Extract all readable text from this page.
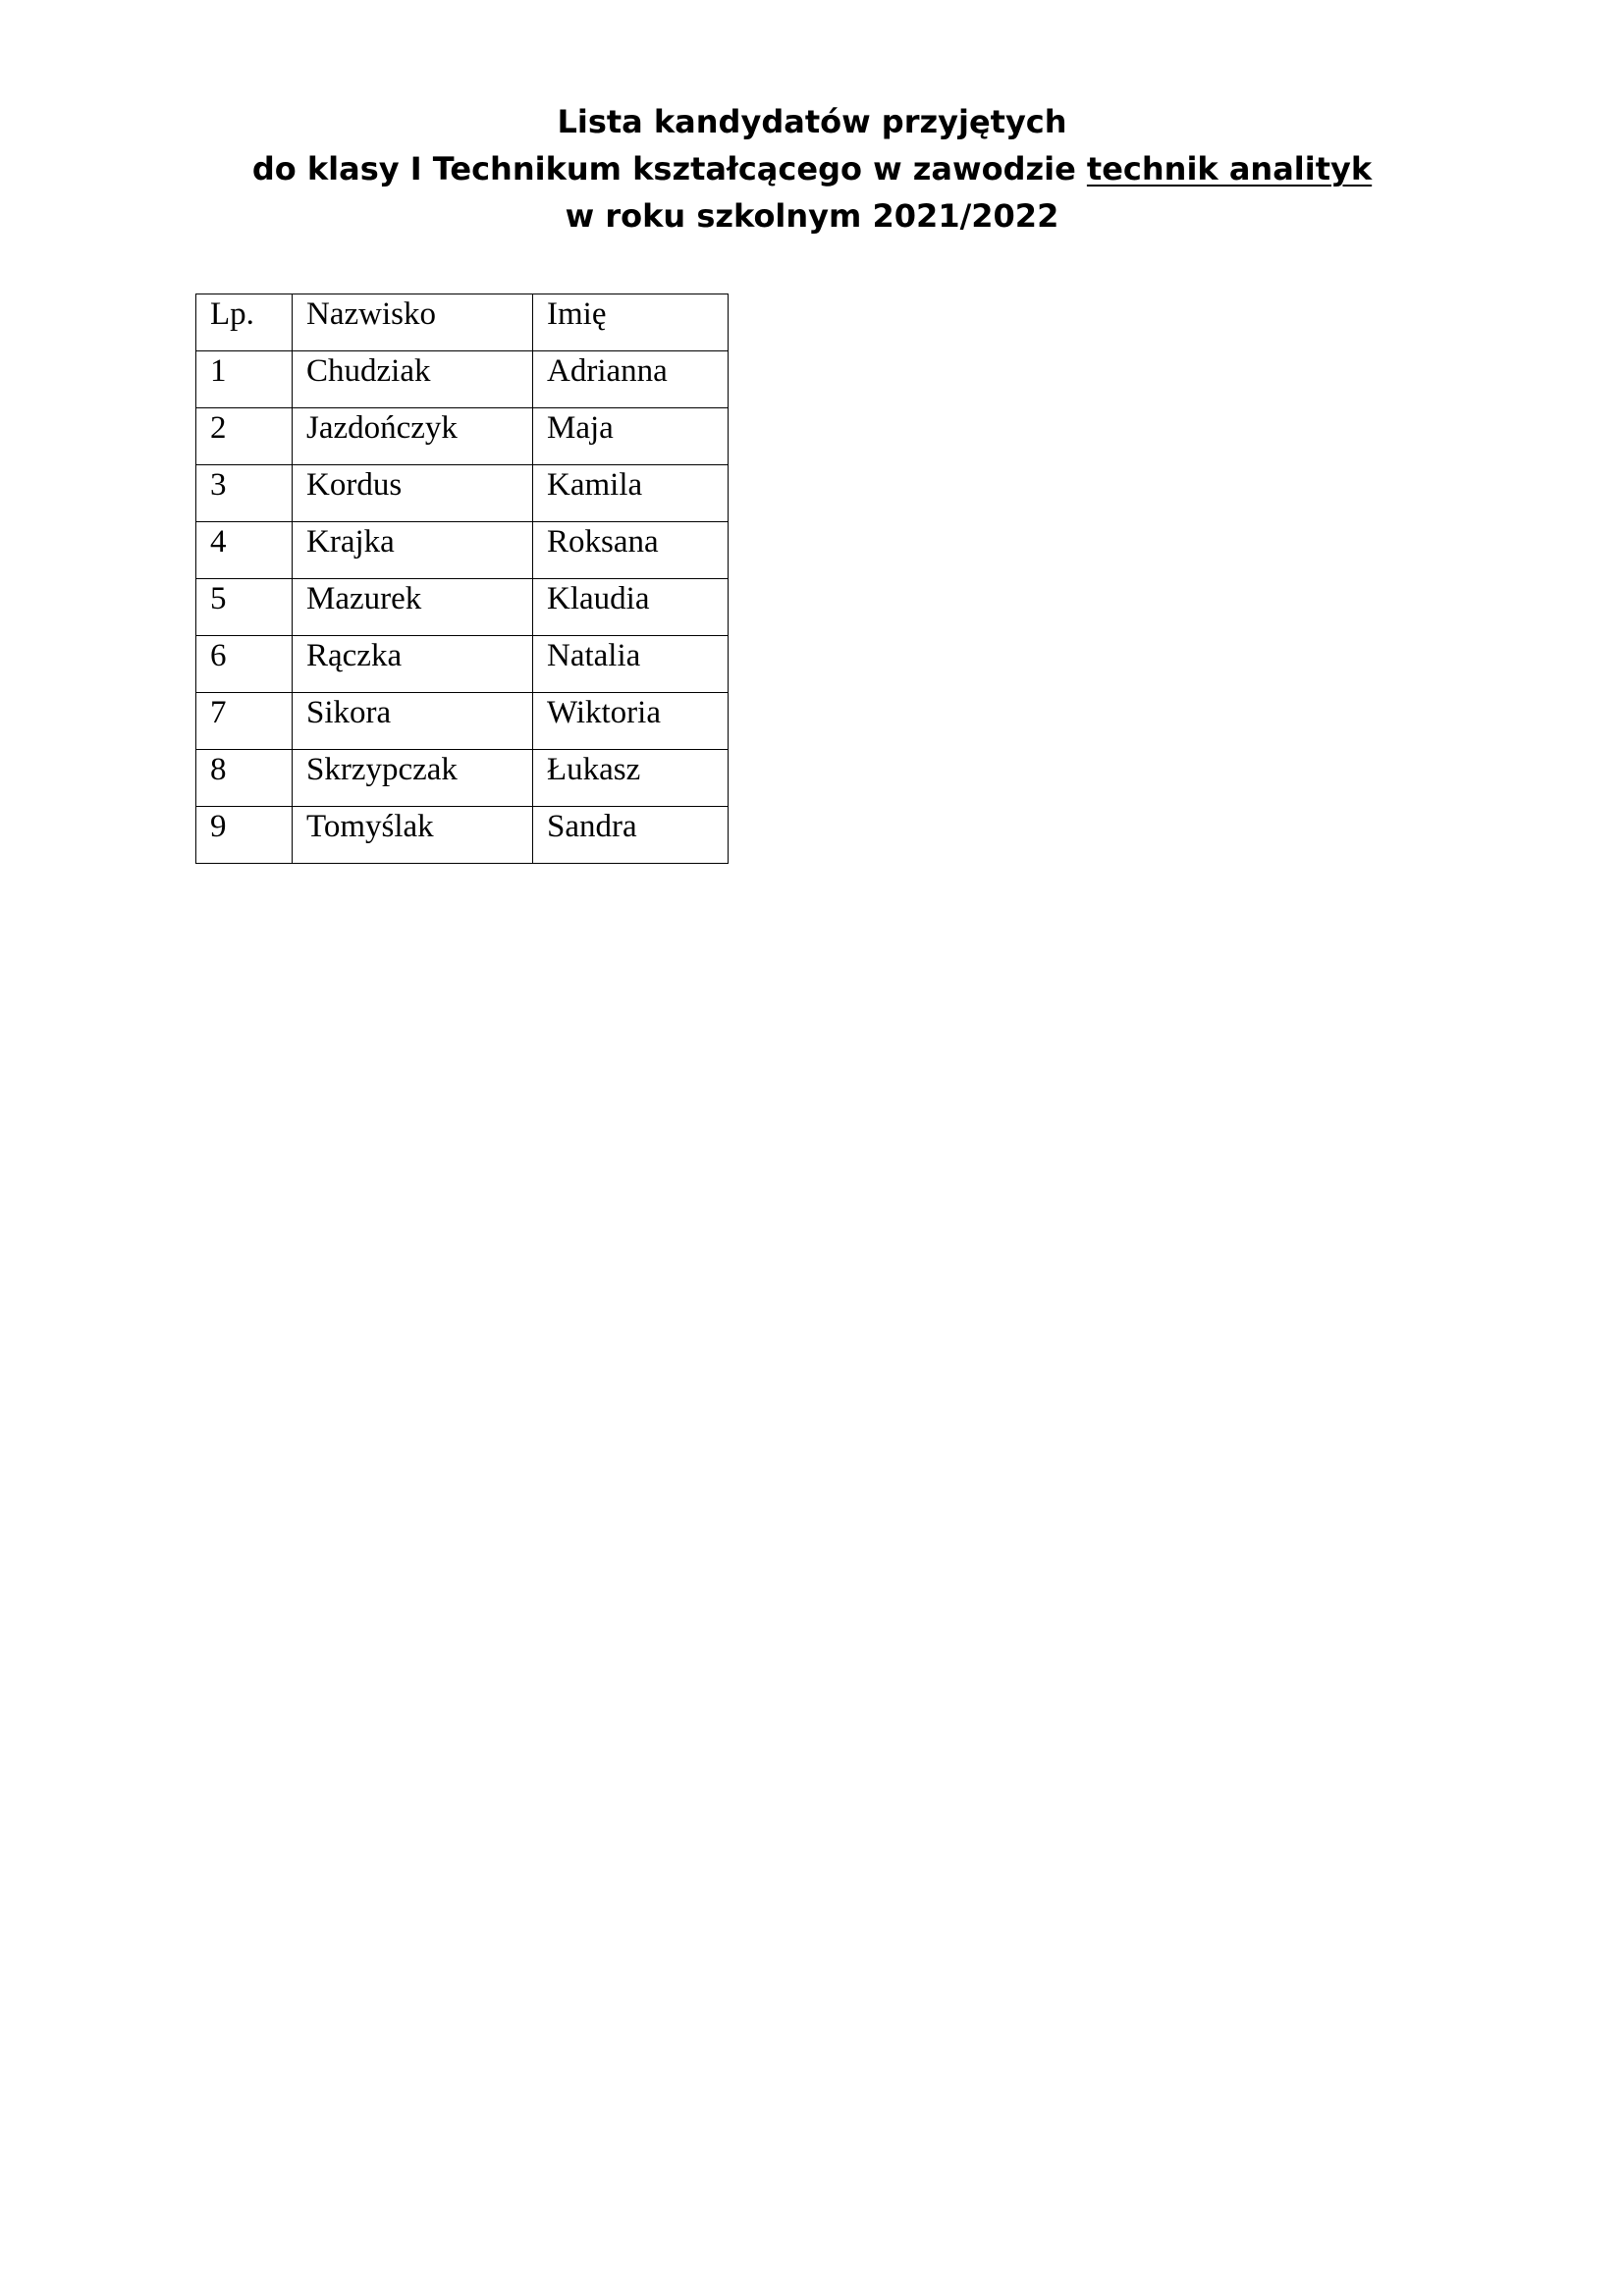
Lista kandydatów przyjętych
do klasy I Technikum kształcącego w zawodzie technik analityk
w roku szkolnym 2021/2022
Lp.	Nazwisko	Imię
1	Chudziak	Adrianna
2	Jazdończyk	Maja
3	Kordus	Kamila
4	Krajka	Roksana
5	Mazurek	Klaudia
6	Rączka	Natalia
7	Sikora	Wiktoria
8	Skrzypczak	Łukasz
9	Tomyślak	Sandra
